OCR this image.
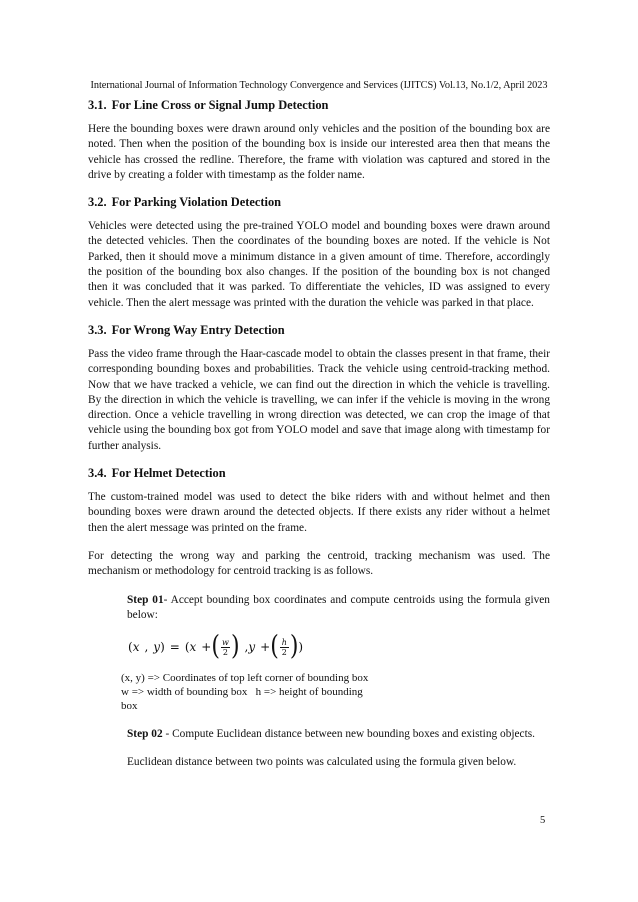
International Journal of Information Technology Convergence and Services (IJITCS) Vol.13, No.1/2, April 2023
3.1. For Line Cross or Signal Jump Detection

Here the bounding boxes were drawn around only vehicles and the position of the bounding box are noted. Then when the position of the bounding box is inside our interested area then that means the vehicle has crossed the redline. Therefore, the frame with violation was captured and stored in the drive by creating a folder with timestamp as the folder name.

3.2. For Parking Violation Detection

Vehicles were detected using the pre-trained YOLO model and bounding boxes were drawn around the detected vehicles. Then the coordinates of the bounding boxes are noted. If the vehicle is Not Parked, then it should move a minimum distance in a given amount of time. Therefore, accordingly the position of the bounding box also changes. If the position of the bounding box is not changed then it was concluded that it was parked. To differentiate the vehicles, ID was assigned to every vehicle. Then the alert message was printed with the duration the vehicle was parked in that place.

3.3. For Wrong Way Entry Detection

Pass the video frame through the Haar-cascade model to obtain the classes present in that frame, their corresponding bounding boxes and probabilities. Track the vehicle using centroid-tracking method. Now that we have tracked a vehicle, we can find out the direction in which the vehicle is travelling. By the direction in which the vehicle is travelling, we can infer if the vehicle is moving in the wrong direction. Once a vehicle travelling in wrong direction was detected, we can crop the image of that vehicle using the bounding box got from YOLO model and save that image along with timestamp for further analysis.

3.4. For Helmet Detection

The custom-trained model was used to detect the bike riders with and without helmet and then bounding boxes were drawn around the detected objects. If there exists any rider without a helmet then the alert message was printed on the frame.

For detecting the wrong way and parking the centroid, tracking mechanism was used. The mechanism or methodology for centroid tracking is as follows.

Step 01- Accept bounding box coordinates and compute centroids using the formula given below:

( x , y ) = ( x + ( $\frac{w}{2}$ ) , y + ( $\frac{h}{2}$ ) )
(x, y) => Coordinates of top left corner of bounding box
w => width of bounding box   h => height of bounding
box

Step 02 - Compute Euclidean distance between new bounding boxes and existing objects.

Euclidean distance between two points was calculated using the formula given below.

5
